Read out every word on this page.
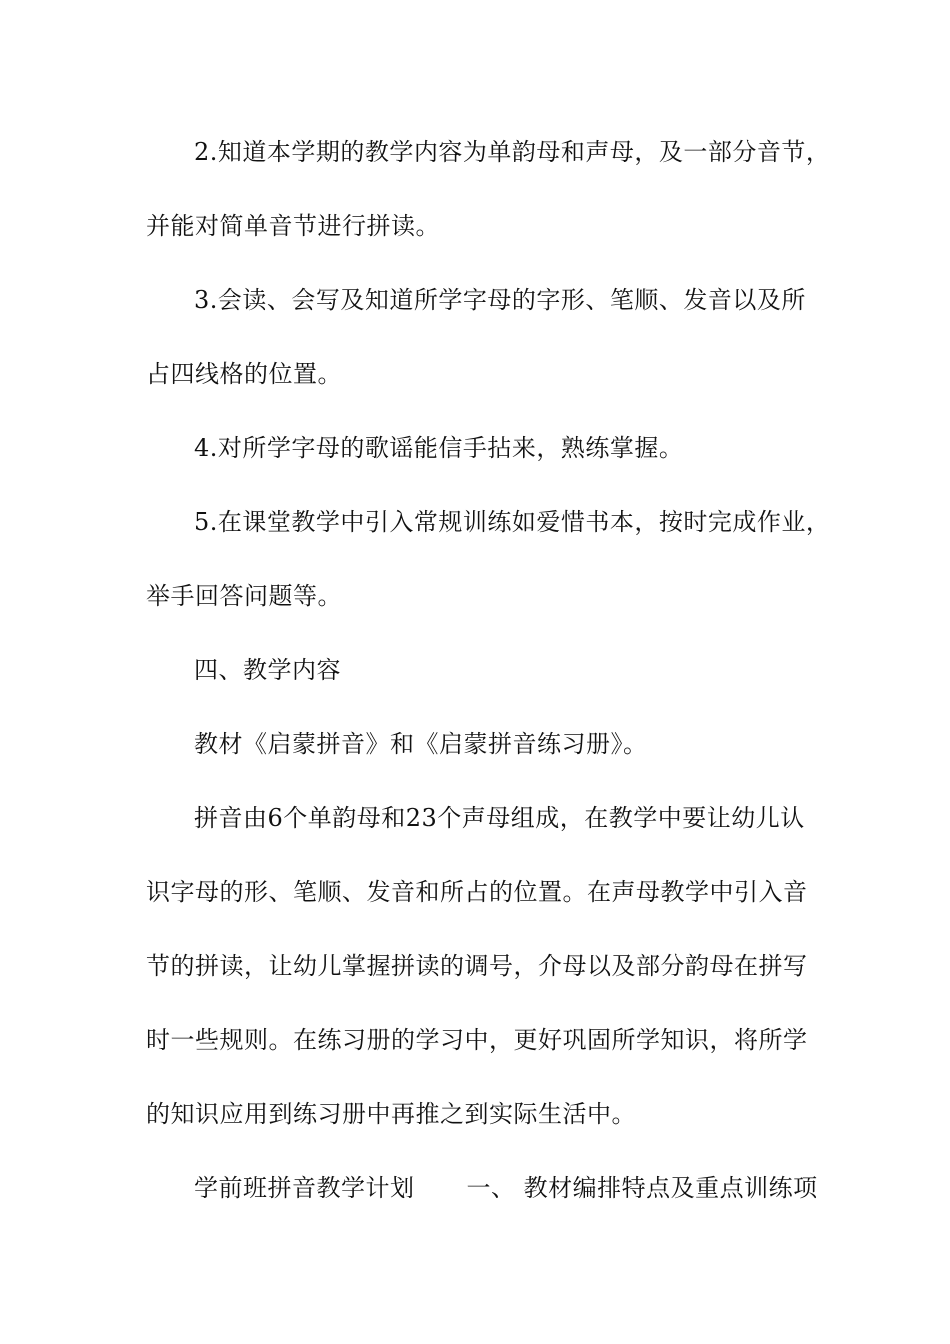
2.知道本学期的教学内容为单韵母和声母，及一部分音节，
并能对简单音节进行拼读。
3.会读、会写及知道所学字母的字形、笔顺、发音以及所
占四线格的位置。
4.对所学字母的歌谣能信手拈来，熟练掌握。
5.在课堂教学中引入常规训练如爱惜书本，按时完成作业，
举手回答问题等。
四、教学内容
教材《启蒙拼音》和《启蒙拼音练习册》。
拼音由6个单韵母和23个声母组成，在教学中要让幼儿认
识字母的形、笔顺、发音和所占的位置。在声母教学中引入音
节的拼读，让幼儿掌握拼读的调号，介母以及部分韵母在拼写
时一些规则。在练习册的学习中，更好巩固所学知识，将所学
的知识应用到练习册中再推之到实际生活中。
学前班拼音教学计划 一、 教材编排特点及重点训练项
